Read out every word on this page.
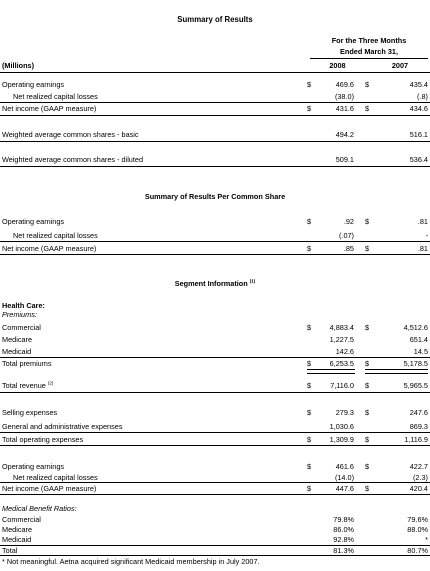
Summary of Results
For the Three Months
Ended March 31,
(Millions)	2008	2007
Operating earnings	$	469.6 $	435.4
Net realized capital losses	(38.0)	(.8)
Net income (GAAP measure)	$	431.6 $	434.6
Weighted average common shares - basic	494.2	516.1
Weighted average common shares - diluted	509.1	536.4
Summary of Results Per Common Share
Operating earnings	$	.92 $	.81
Net realized capital losses	(.07)	-
Net income (GAAP measure)	$	.85 $	.81
Segment Information $^{(1)}$
Health Care:
Premiums:
Commercial	$	4,883.4 $	4,512.6
Medicare	1,227.5	651.4
Medicaid	142.6	14.5
Total premiums	$	6,253.5 $	5,178.5
Total revenue $^{(2)}$	$	7,116.0 $	5,965.5
Selling expenses	$	279.3 $	247.6
General and administrative expenses	1,030.6	869.3
Total operating expenses	$	1,309.9 $	1,116.9
Operating earnings	$	461.6 $	422.7
Net realized capital losses	(14.0)	(2.3)
Net income (GAAP measure)	$	447.6 $	420.4
Medical Benefit Ratios:
Commercial	79.8%	79.6%
Medicare	86.0%	88.0%
Medicaid	92.8%	*
Total	81.3%	80.7%
* Not meaningful. Aetna acquired significant Medicaid membership in July 2007.
